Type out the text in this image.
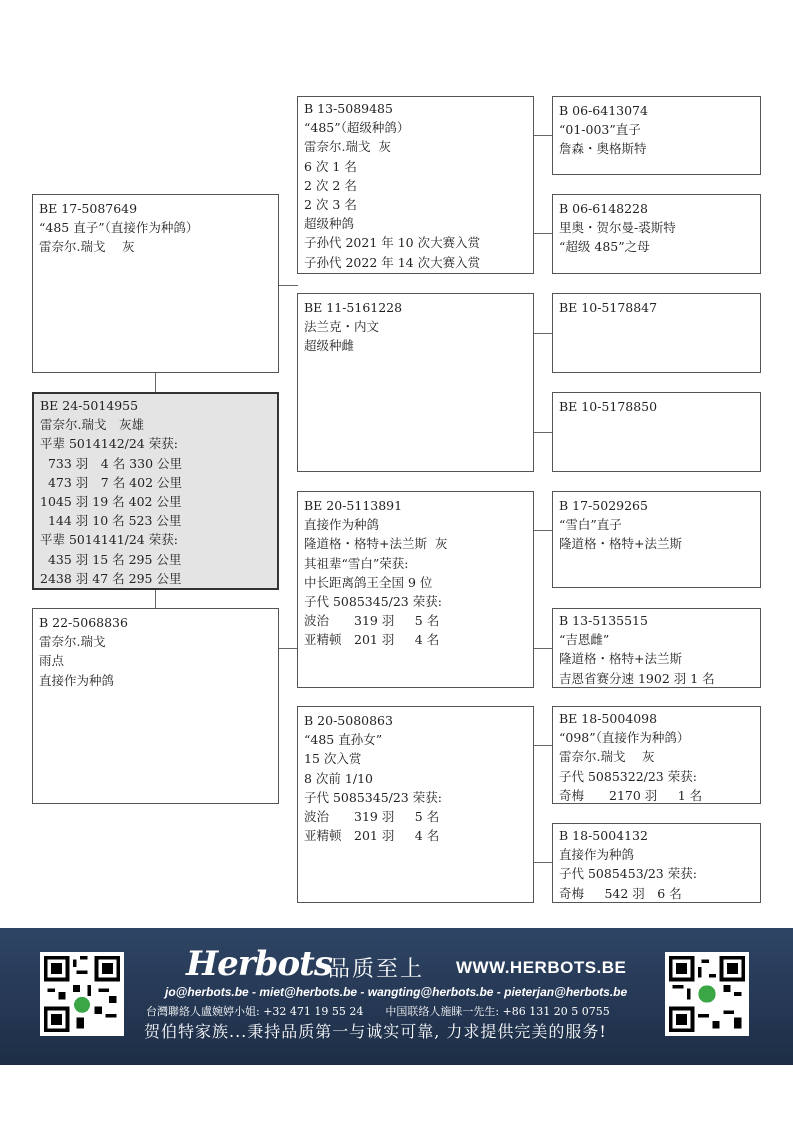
BE 24-5014955
雷奈尔.瑞戈　灰雄
平辈 5014142/24 荣获:
733 羽　4 名 330 公里
473 羽　7 名 402 公里
1045 羽 19 名 402 公里
144 羽 10 名 523 公里
平辈 5014141/24 荣获:
435 羽 15 名 295 公里
2438 羽 47 名 295 公里
BE 17-5087649
“485 直子”（直接作为种鸽）
雷奈尔.瑞戈　 灰
B 22-5068836
雷奈尔.瑞戈
雨点
直接作为种鸽
B 13-5089485
“485”（超级种鸽）
雷奈尔.瑞戈  灰
6 次 1 名
2 次 2 名
2 次 3 名
超级种鸽
子孙代 2021 年 10 次大赛入赏
子孙代 2022 年 14 次大赛入赏
BE 11-5161228
法兰克・内文
超级种雌
BE 20-5113891
直接作为种鸽
隆道格・格特+法兰斯  灰
其祖辈“雪白”荣获:
中长距离鸽王全国 9 位
子代 5085345/23 荣获:
波治　　319 羽　  5 名
亚精顿　201 羽　  4 名
B 20-5080863
“485 直孙女”
15 次入赏
8 次前 1/10
子代 5085345/23 荣获:
波治　　319 羽　  5 名
亚精顿　201 羽　  4 名
B 06-6413074
“01-003”直子
詹森・奥格斯特
B 06-6148228
里奥・贺尔曼-裘斯特
“超级 485”之母
BE 10-5178847
BE 10-5178850
B 17-5029265
“雪白”直子
隆道格・格特+法兰斯
B 13-5135515
“吉恩雌”
隆道格・格特+法兰斯
吉恩省赛分速 1902 羽 1 名
BE 18-5004098
“098”（直接作为种鸽）
雷奈尔.瑞戈　 灰
子代 5085322/23 荣获:
奇梅　　2170 羽　  1 名
B 18-5004132
直接作为种鸽
子代 5085453/23 荣获:
奇梅　  542 羽　6 名
Herbots
品质至上 WWW.HERBOTS.BE
jo@herbots.be - miet@herbots.be - wangting@herbots.be - pieterjan@herbots.be
台灣聯絡人盧婉婷小姐: +32 471 19 55 24　　中国联络人施睐一先生: +86 131 20 5 0755
贺伯特家族...秉持品质第一与诚实可靠, 力求提供完美的服务!
